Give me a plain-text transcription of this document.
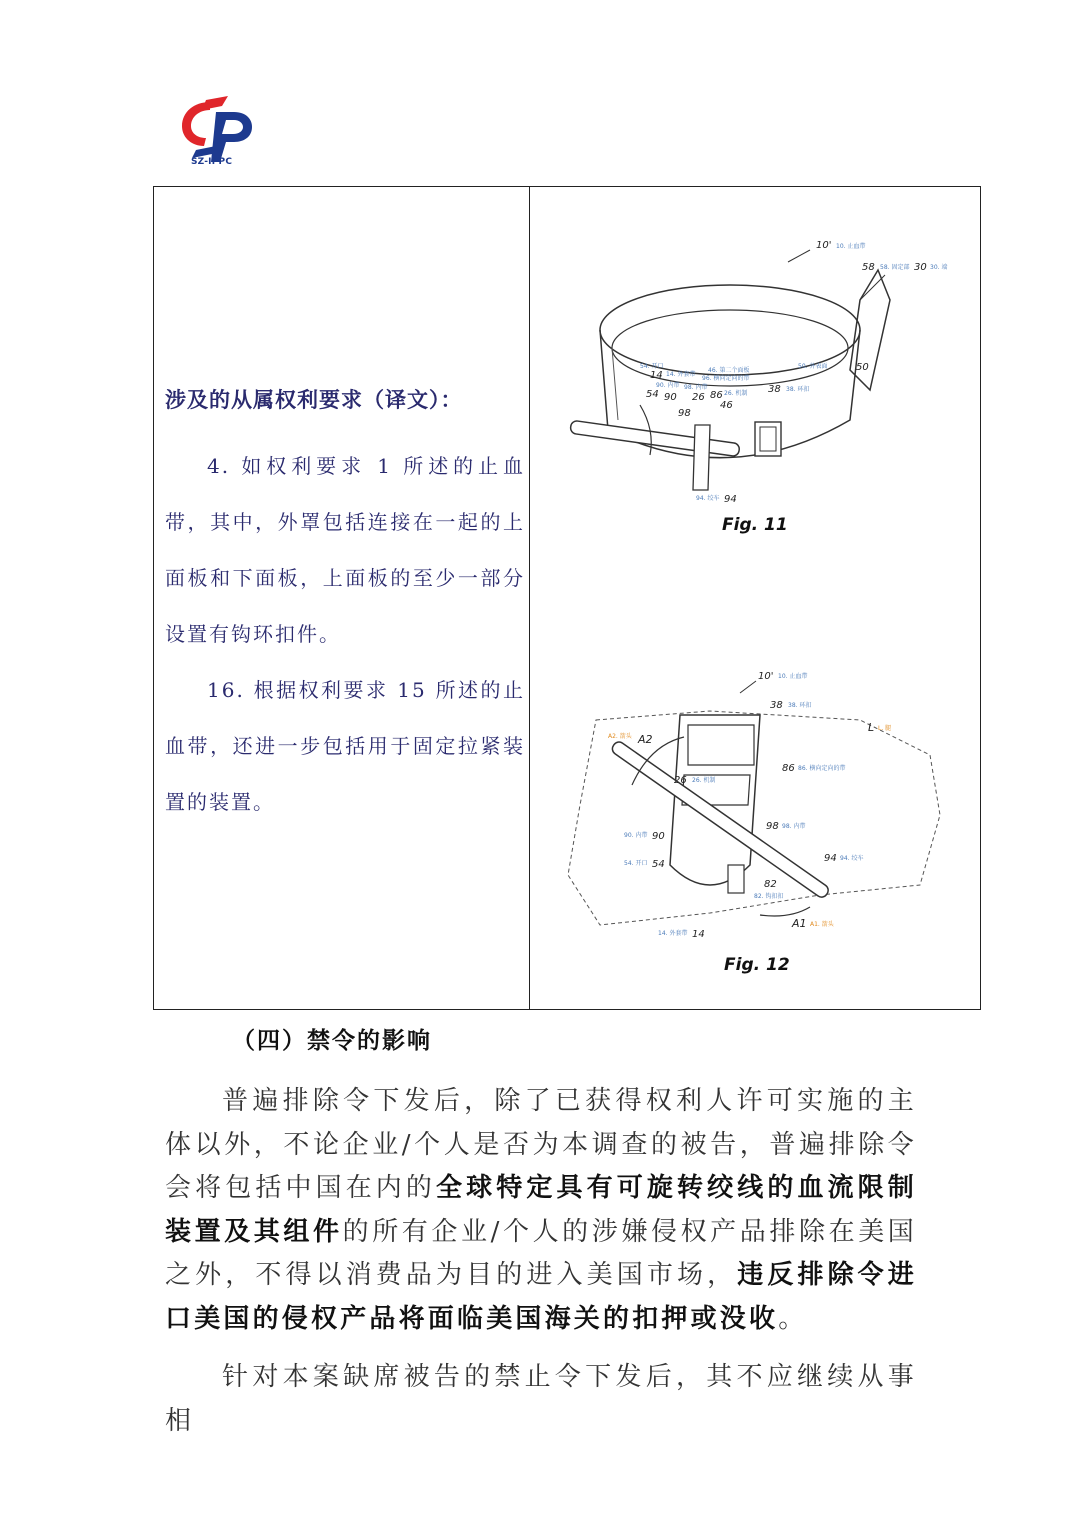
SZ-IPPC

涉及的从属权利要求（译文）：

4. 如权利要求 1 所述的止血带，其中，外罩包括连接在一起的上面板和下面板，上面板的至少一部分设置有钩环扣件。

16. 根据权利要求 15 所述的止血带，还进一步包括用于固定拉紧装置的装置。

10' 10. 止血带
58 58. 固定部 30 30. 端
54. 开口
14 14. 外套带
46. 第二个面板
96. 横向定向的带
90. 内带 98. 内带
26. 机制
50. 外表面	50
38 38. 环扣
54 90 26 86
46
98
94. 绞车 94
Fig. 11
10' 10. 止血带
38 38. 环扣
L L. 腿
A2. 箭头 A2
86 86. 横向定向的带
26 26. 机制
98 98. 内带
90. 内带 90
94 94. 绞车
54. 开口 54
82
82. 钩扣扣
A1 A1. 箭头
14. 外套带 14
Fig. 12

（四）禁令的影响

普遍排除令下发后，除了已获得权利人许可实施的主体以外，不论企业/个人是否为本调查的被告，普遍排除令会将包括中国在内的全球特定具有可旋转绞线的血流限制装置及其组件的所有企业/个人的涉嫌侵权产品排除在美国之外，不得以消费品为目的进入美国市场，违反排除令进口美国的侵权产品将面临美国海关的扣押或没收。

针对本案缺席被告的禁止令下发后，其不应继续从事相
